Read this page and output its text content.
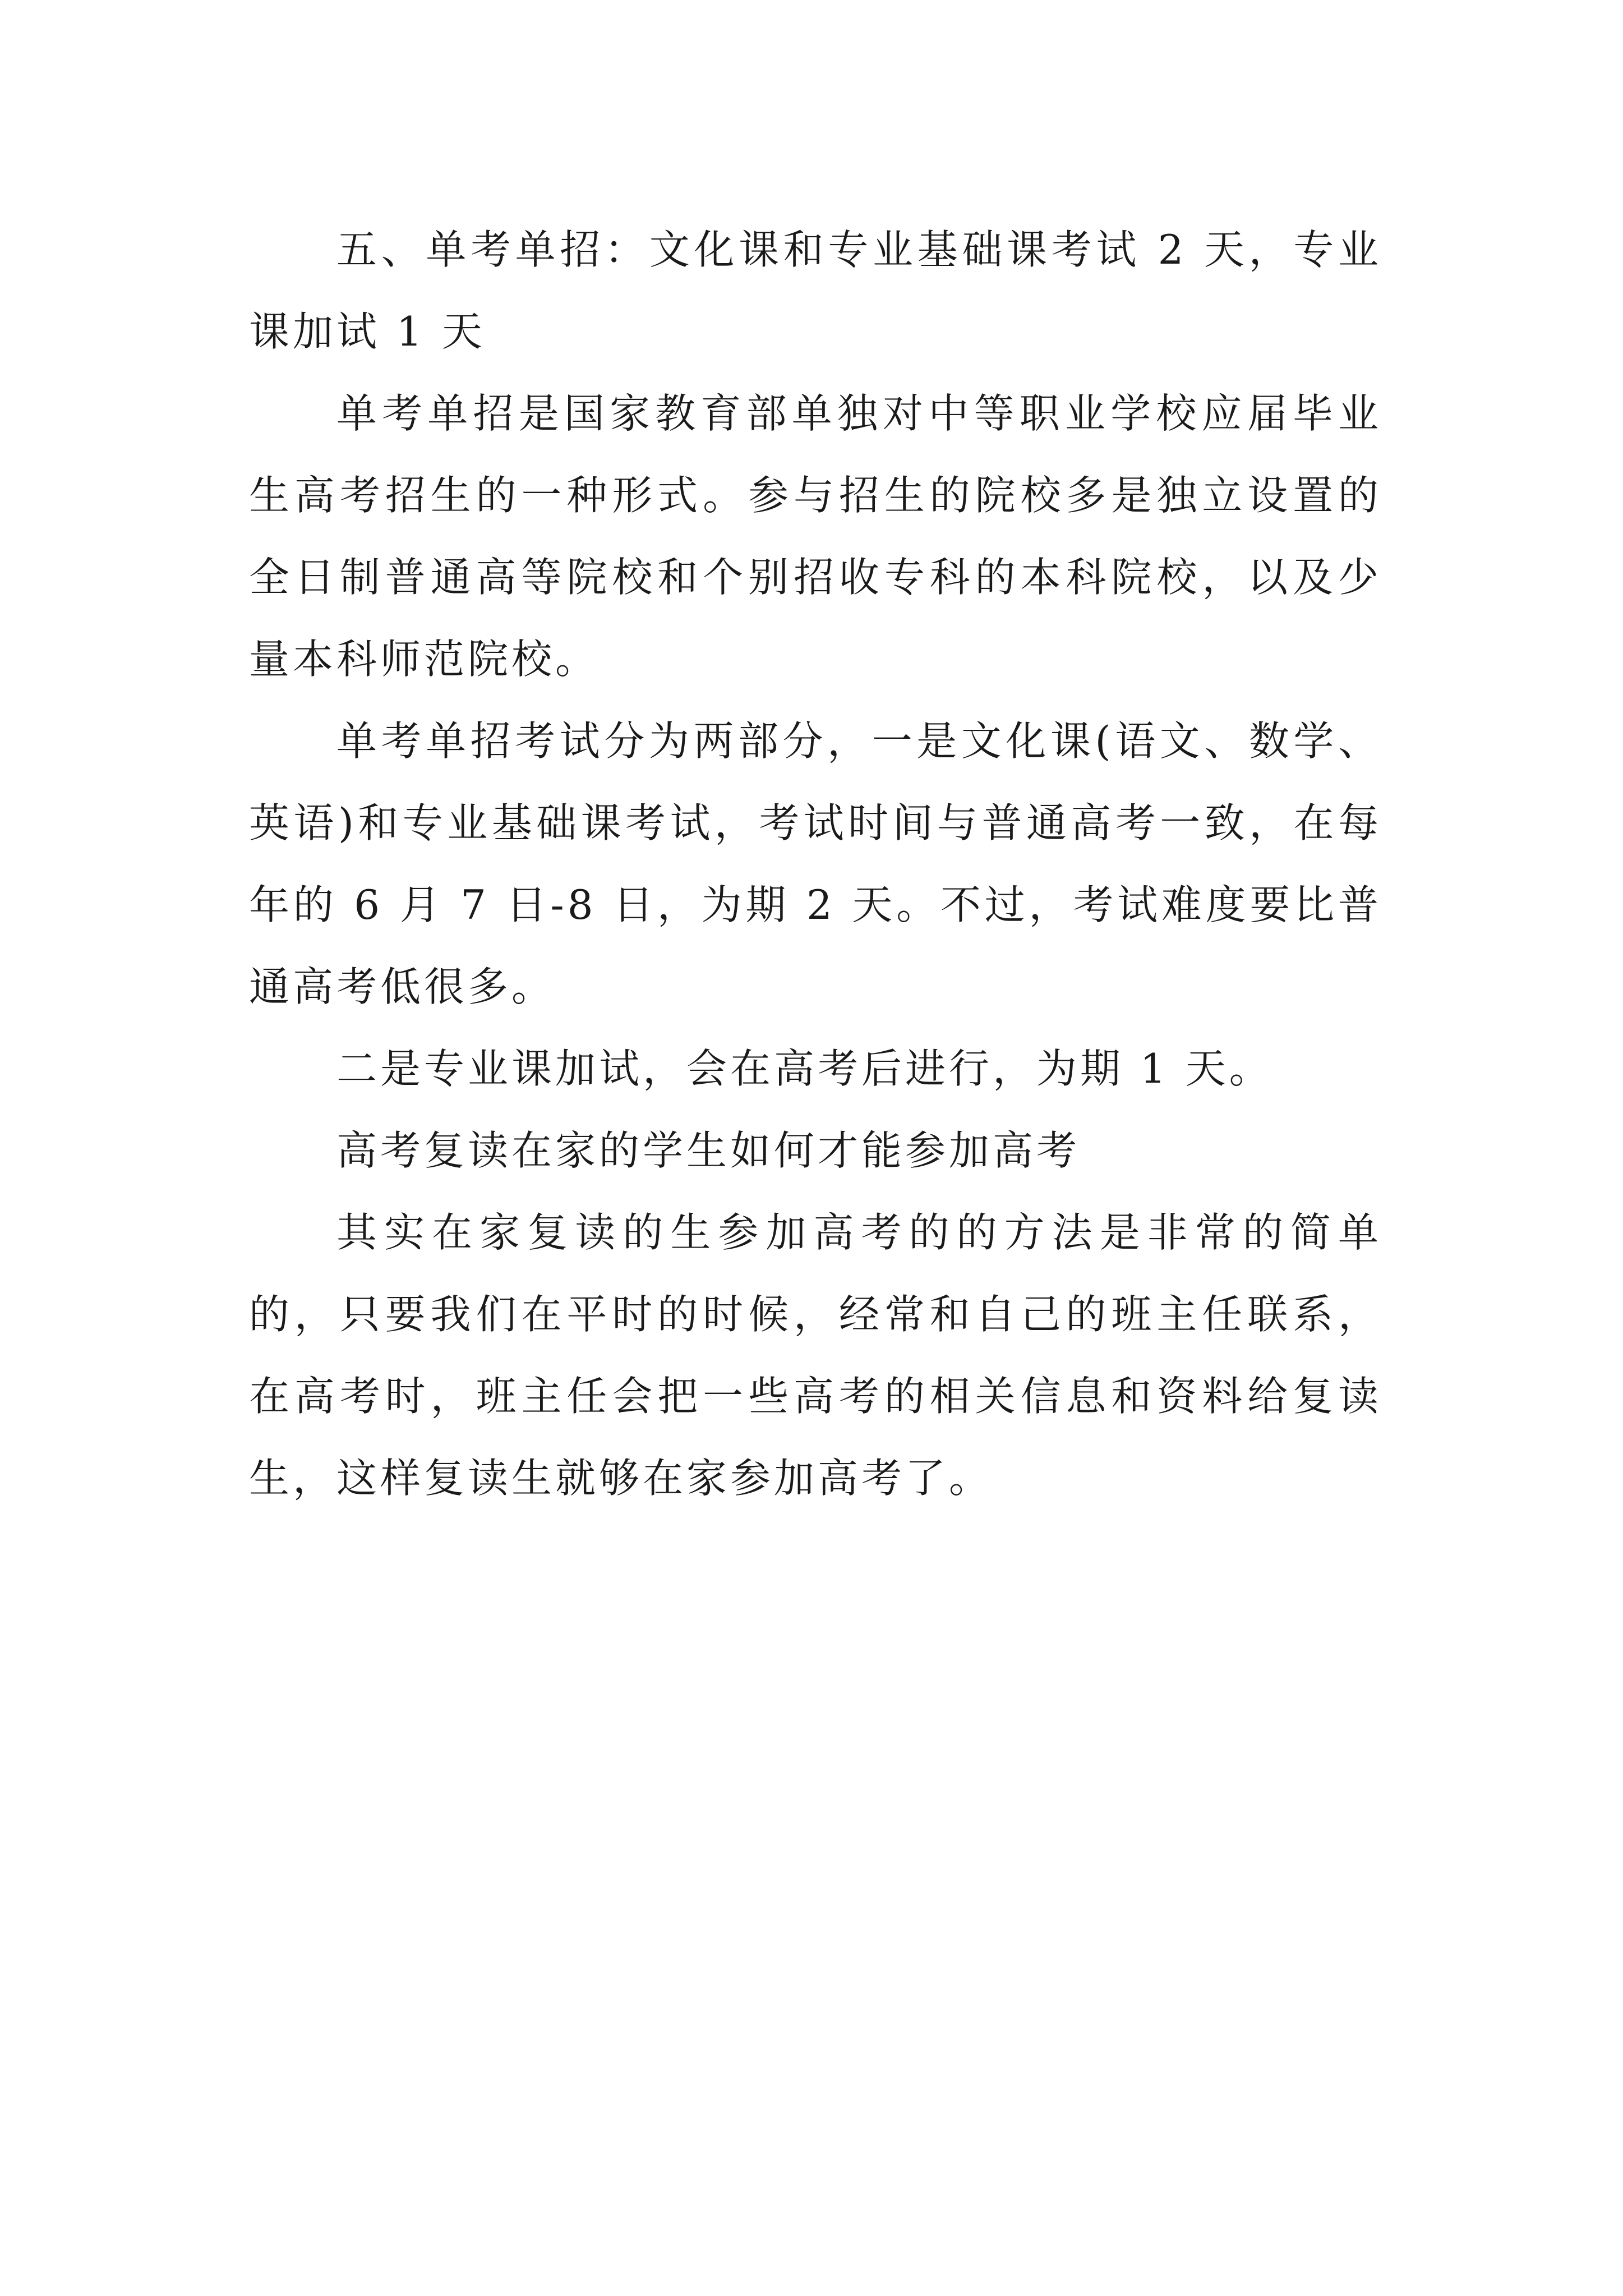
五、单考单招：文化课和专业基础课考试 2 天，专业课加试 1 天

单考单招是国家教育部单独对中等职业学校应届毕业生高考招生的一种形式。参与招生的院校多是独立设置的全日制普通高等院校和个别招收专科的本科院校，以及少量本科师范院校。

单考单招考试分为两部分，一是文化课(语文、数学、英语)和专业基础课考试，考试时间与普通高考一致，在每年的 6 月 7 日-8 日，为期 2 天。不过，考试难度要比普通高考低很多。

二是专业课加试，会在高考后进行，为期 1 天。

高考复读在家的学生如何才能参加高考

其实在家复读的生参加高考的的方法是非常的简单的，只要我们在平时的时候，经常和自己的班主任联系，在高考时，班主任会把一些高考的相关信息和资料给复读生，这样复读生就够在家参加高考了。
